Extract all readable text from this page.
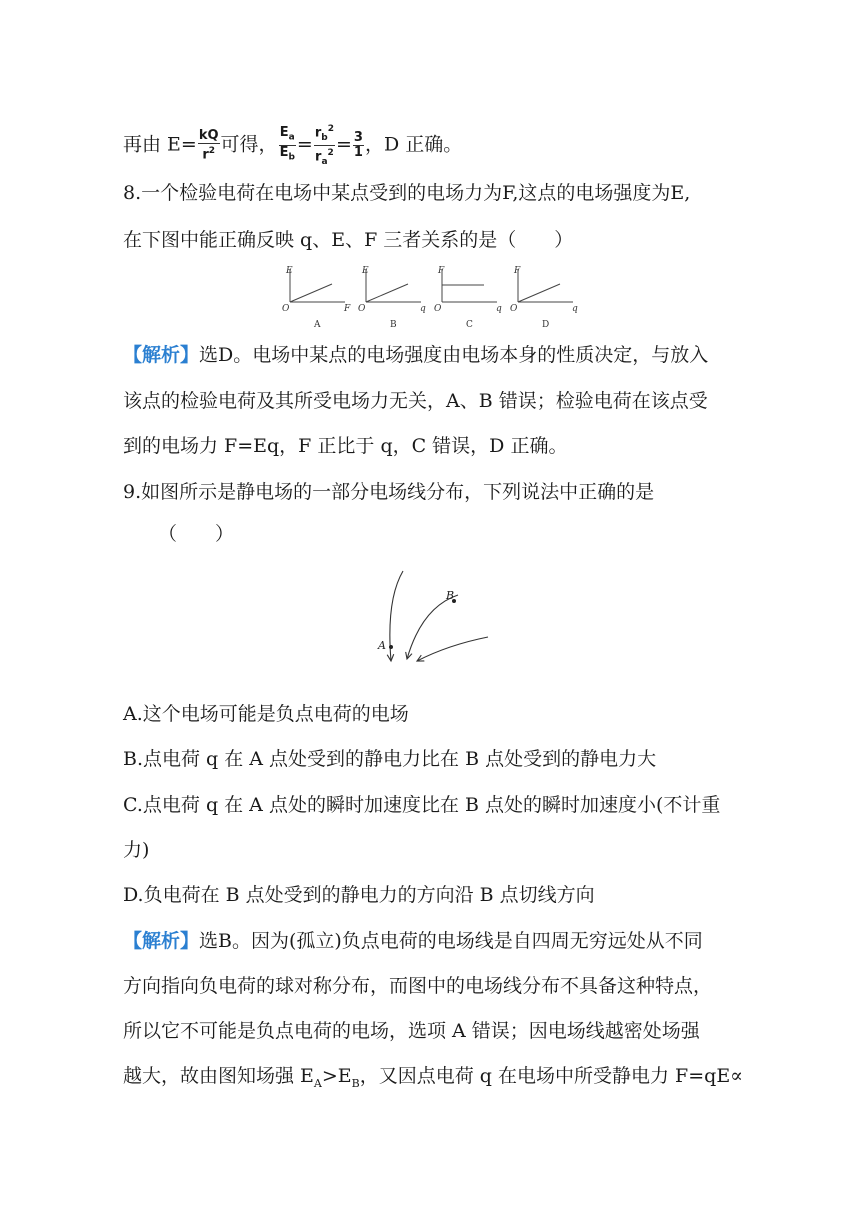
再由 $E= \frac{kQ}{r^2}$ 可得， $\frac{E_a}{E_b} = \frac{r_b^2}{r_a^2} = \frac{3}{1}$ ，D 正确。
8.一个检验电荷在电场中某点受到的电场力为F,这点的电场强度为E,
在下图中能正确反映 q、E、F 三者关系的是（　　）
E
O	F
A
E
O	q
B
F
O	q
C
F
O	q
D
【解析】选D。电场中某点的电场强度由电场本身的性质决定，与放入
该点的检验电荷及其所受电场力无关，A、B 错误；检验电荷在该点受
到的电场力 F=Eq，F 正比于 q，C 错误，D 正确。
9.如图所示是静电场的一部分电场线分布，下列说法中正确的是
（　　）
A
B
A.这个电场可能是负点电荷的电场
B.点电荷 q 在 A 点处受到的静电力比在 B 点处受到的静电力大
C.点电荷 q 在 A 点处的瞬时加速度比在 B 点处的瞬时加速度小(不计重
力)
D.负电荷在 B 点处受到的静电力的方向沿 B 点切线方向
【解析】选B。因为(孤立)负点电荷的电场线是自四周无穷远处从不同
方向指向负电荷的球对称分布，而图中的电场线分布不具备这种特点，
所以它不可能是负点电荷的电场，选项 A 错误；因电场线越密处场强
越大，故由图知场强 $E_A>E_B$，又因点电荷 q 在电场中所受静电力 F=qE∝
